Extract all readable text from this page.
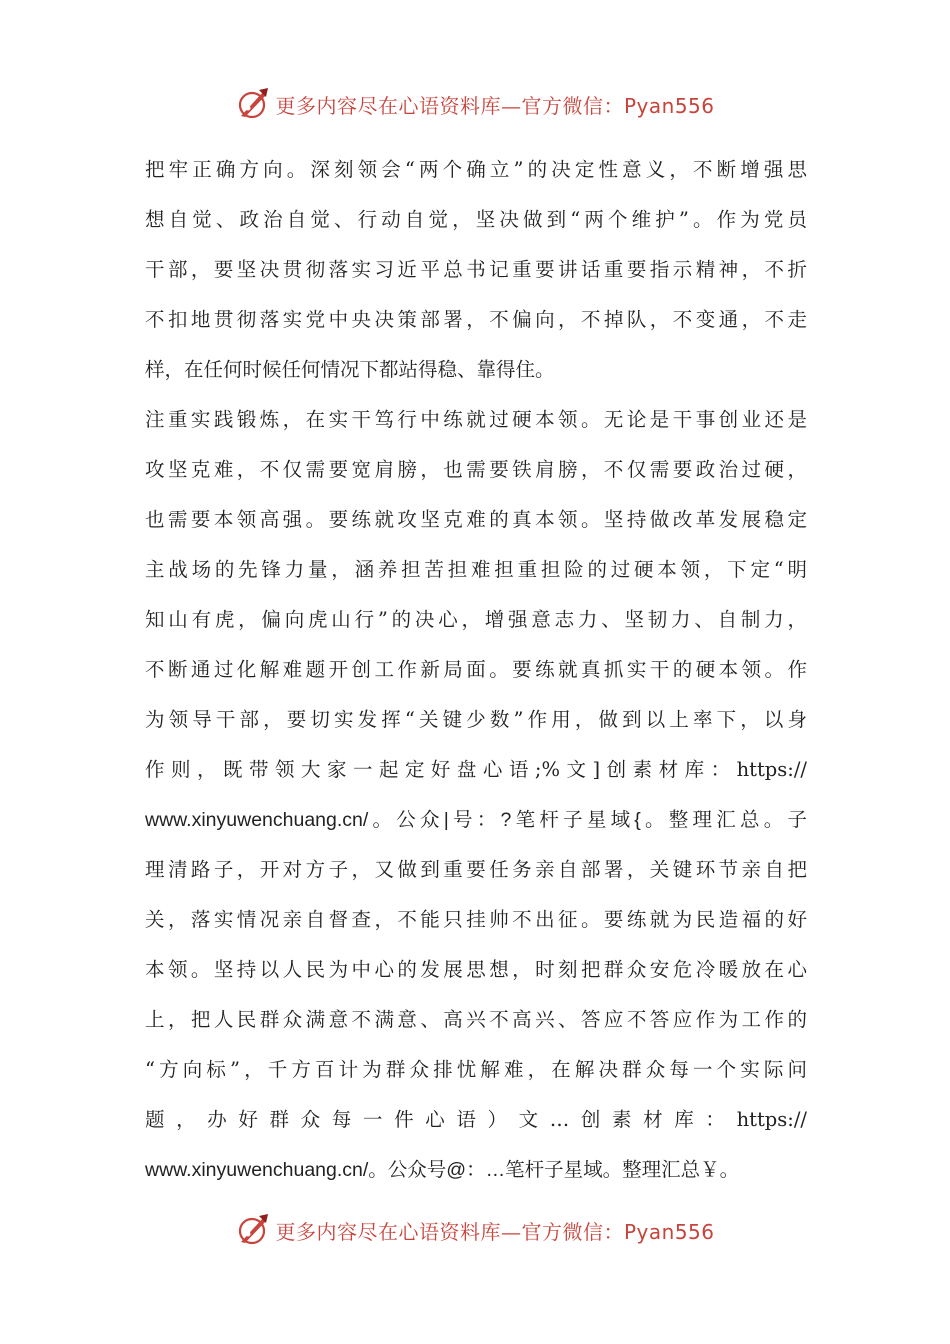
更多内容尽在心语资料库—官方微信：Pyan556
把牢正确方向。深刻领会“两个确立”的决定性意义，不断增强思
想自觉、政治自觉、行动自觉，坚决做到“两个维护”。作为党员
干部，要坚决贯彻落实习近平总书记重要讲话重要指示精神，不折
不扣地贯彻落实党中央决策部署，不偏向，不掉队，不变通，不走
样，在任何时候任何情况下都站得稳、靠得住。
注重实践锻炼，在实干笃行中练就过硬本领。无论是干事创业还是
攻坚克难，不仅需要宽肩膀，也需要铁肩膀，不仅需要政治过硬，
也需要本领高强。要练就攻坚克难的真本领。坚持做改革发展稳定
主战场的先锋力量，涵养担苦担难担重担险的过硬本领，下定“明
知山有虎，偏向虎山行”的决心，增强意志力、坚韧力、自制力，
不断通过化解难题开创工作新局面。要练就真抓实干的硬本领。作
为领导干部，要切实发挥“关键少数”作用，做到以上率下，以身
作则，既带领大家一起定好盘心语;%文]创素材库：https://
www.xinyuwenchuang.cn/。公众|号：?笔杆子星域{。整理汇总。子
理清路子，开对方子，又做到重要任务亲自部署，关键环节亲自把
关，落实情况亲自督查，不能只挂帅不出征。要练就为民造福的好
本领。坚持以人民为中心的发展思想，时刻把群众安危冷暖放在心
上，把人民群众满意不满意、高兴不高兴、答应不答应作为工作的
“方向标”，千方百计为群众排忧解难，在解决群众每一个实际问
题，办好群众每一件心语）文…创素材库：https://
www.xinyuwenchuang.cn/。公众号@：…笔杆子星域。整理汇总￥。
更多内容尽在心语资料库—官方微信：Pyan556
